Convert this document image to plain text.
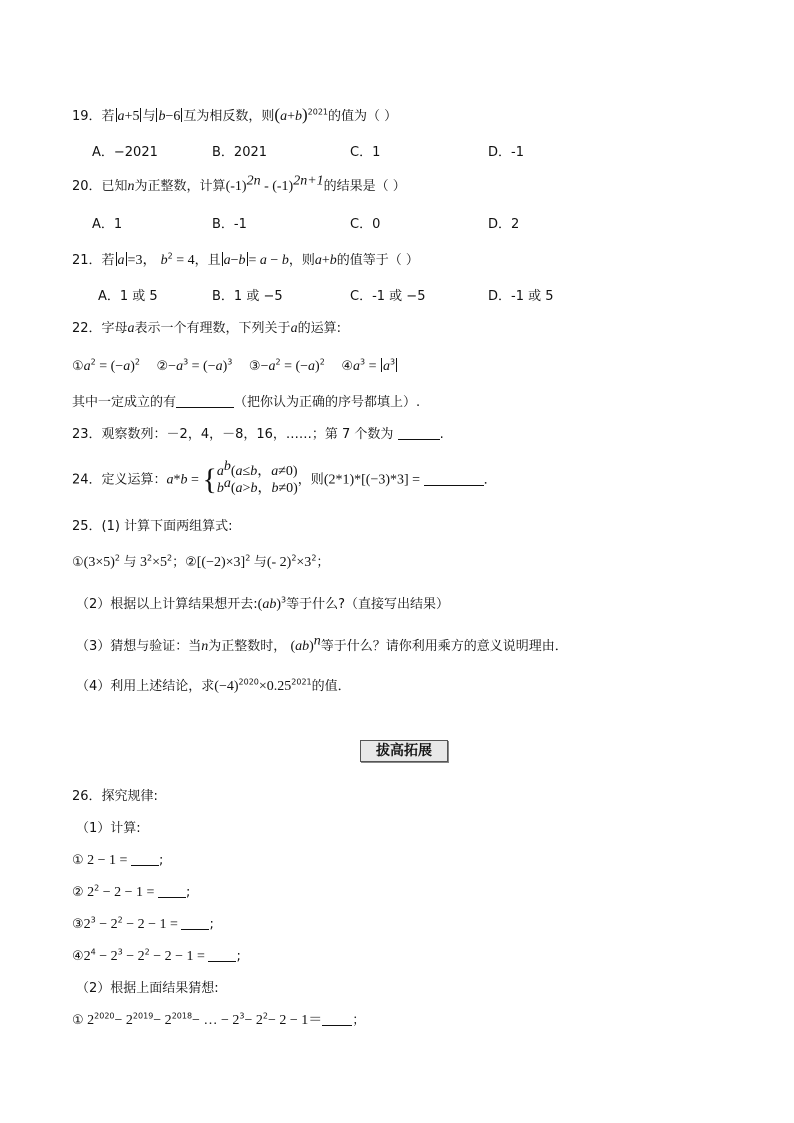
19．若 a+5 与 b−6 互为相反数，则$(a+b)^{2021}$的值为（ ）
A．−2021	B．2021	C．1	D．-1
20．已知n为正整数，计算$(-1)^{2n} - (-1)^{2n+1}$的结果是（ ）
A．1	B．-1	C．0	D．2
21．若 a =3， $b^2 = 4$，且 a−b = a − b，则a+b的值等于（ ）
A．1 或 5	B．1 或 −5	C．-1 或 −5	D．-1 或 5
22．字母a表示一个有理数，下列关于a的运算:
$①a^2 = (-a)^2$ $②-a^3 = (-a)^3$ $③-a^2 = (-a)^2$ $④a^3 = a^3$
其中一定成立的有	（把你认为正确的序号都填上）.
23．观察数列：－2，4，－8，16，……；第 7 个数为	.
24．定义运算：$a*b = \{a^b(a\le b$，a≠0)
$b^a(a>b$，b≠0)，则(2*1)*[(−3)*3] =	．
25．(1) 计算下面两组算式:
$①(3\times 5)^2$ 与 $3^2\times 5^2$；$②[(-2)\times 3]^2$ 与(- $2)^2\times 3^2$；
（2）根据以上计算结果想开去:(ab)$^3$等于什么?（直接写出结果）
（3）猜想与验证：当n为正整数时， (ab)$^n$等于什么？请你利用乘方的意义说明理由．
（4）利用上述结论，求$(-4)^{2020}\times 0.25^{2021}$的值．
拔高拓展
26．探究规律:
（1）计算:
① 2 − 1 = ;
② $2^2 - 2 - 1$ = ;
$③2^3 - 2^2 - 2 - 1$ = ;
$④2^4 - 2^3 - 2^2 - 2 - 1$ = ;
（2）根据上面结果猜想:
① $2^{2020}- 2^{2019}- 2^{2018}-$ … − $2^3- 2^2- 2 - 1=$ ；
